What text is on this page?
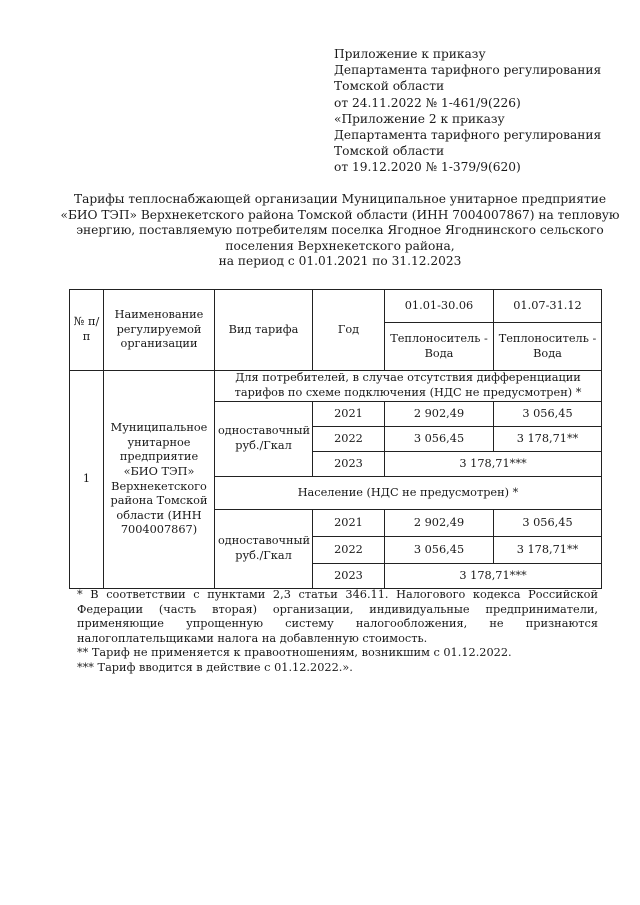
Приложение к приказу
Департамента тарифного регулирования
Томской области
от 24.11.2022 № 1-461/9(226)
«Приложение 2 к приказу
Департамента тарифного регулирования
Томской области
от 19.12.2020 № 1-379/9(620)
Тарифы теплоснабжающей организации Муниципальное унитарное предприятие
«БИО ТЭП» Верхнекетского района Томской области (ИНН 7004007867) на тепловую
энергию, поставляемую потребителям поселка Ягодное Ягоднинского сельского
поселения Верхнекетского района,
на период с 01.01.2021 по 31.12.2023
№ п/п	Наименование регулируемой организации	Вид тарифа	Год	01.01-30.06	01.07-31.12
				Теплоноситель - Вода	Теплоноситель - Вода
1	Муниципальное унитарное предприятие «БИО ТЭП» Верхнекетского района Томской области (ИНН 7004007867)	Для потребителей, в случае отсутствия дифференциации тарифов по схеме подключения (НДС не предусмотрен) *			
		одноставочный руб./Гкал	2021	2 902,49	3 056,45
			2022	3 056,45	3 178,71**
			2023	3 178,71***	
		Население (НДС не предусмотрен) *			
		одноставочный руб./Гкал	2021	2 902,49	3 056,45
			2022	3 056,45	3 178,71**
			2023	3 178,71***	
* В соответствии с пунктами 2,3 статьи 346.11. Налогового кодекса Российской Федерации (часть вторая) организации, индивидуальные предприниматели, применяющие упрощенную систему налогообложения, не признаются налогоплательщиками налога на добавленную стоимость.
** Тариф не применяется к правоотношениям, возникшим с 01.12.2022.
*** Тариф вводится в действие с 01.12.2022.».
